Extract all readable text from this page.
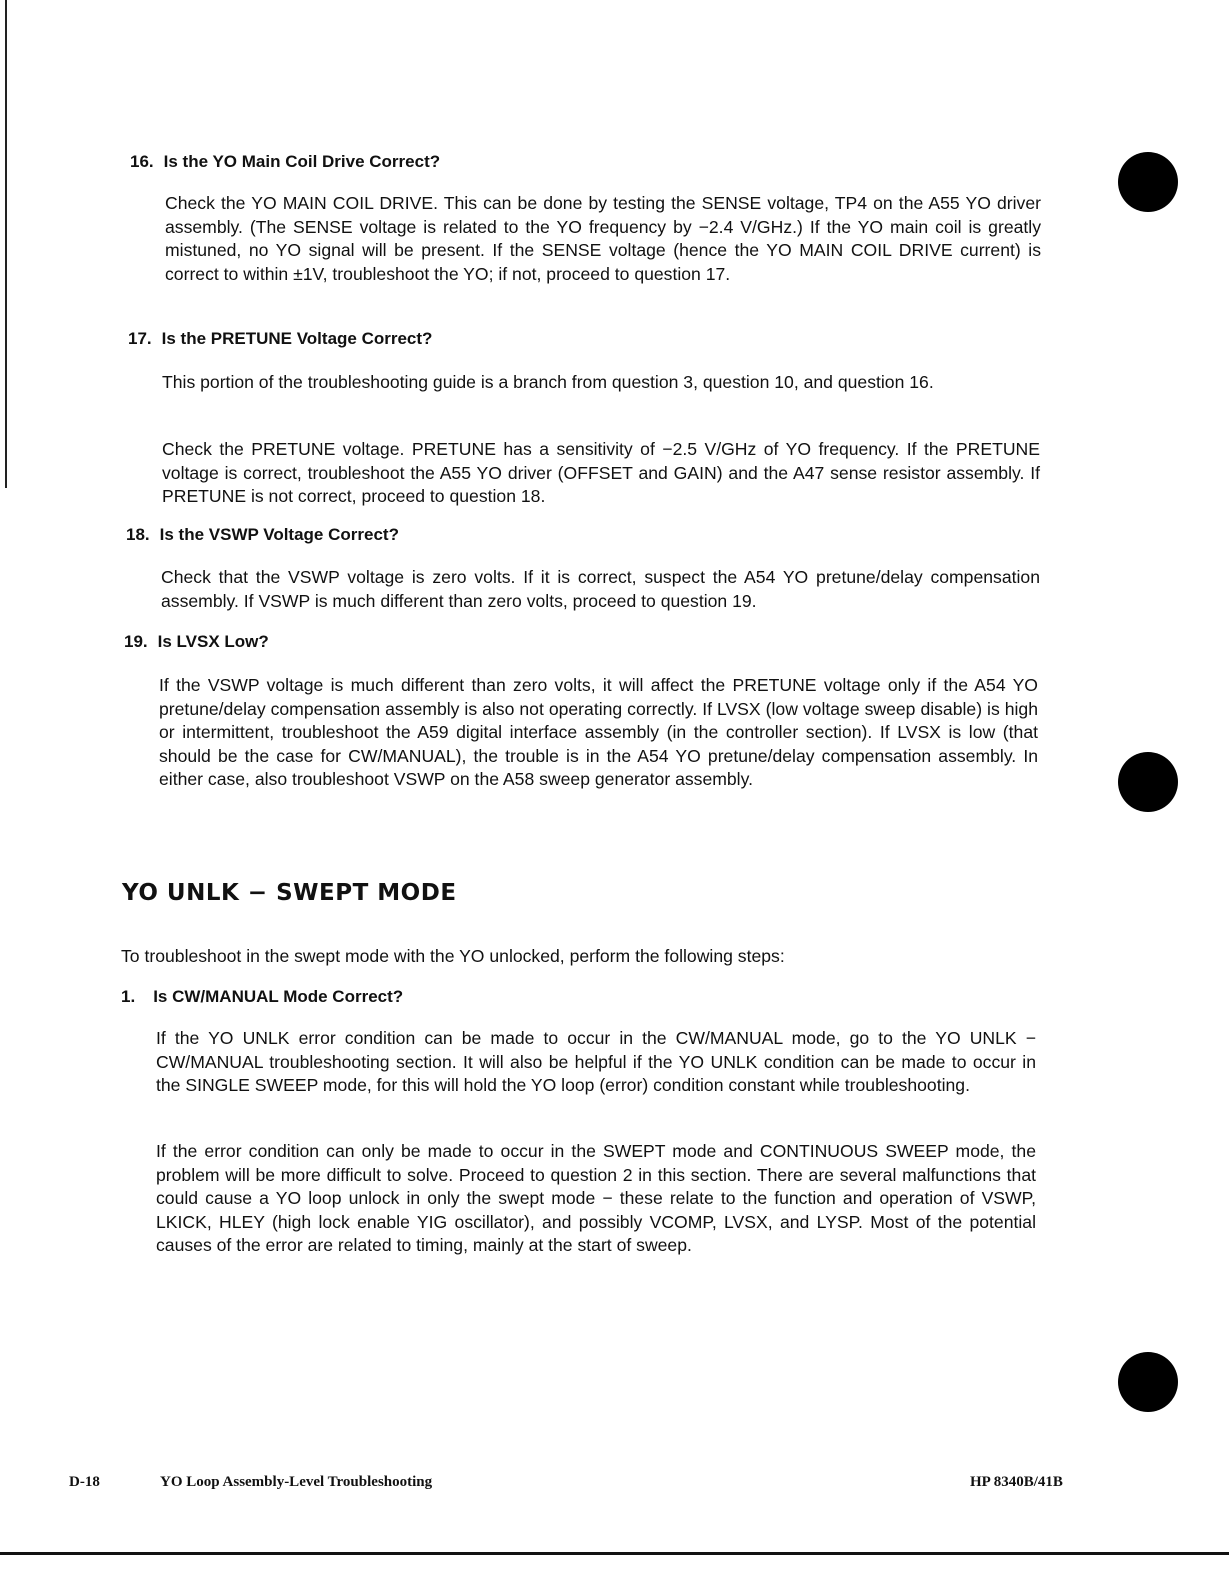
16. Is the YO Main Coil Drive Correct?
Check the YO MAIN COIL DRIVE. This can be done by testing the SENSE voltage, TP4 on the A55 YO driver assembly. (The SENSE voltage is related to the YO frequency by −2.4 V/GHz.) If the YO main coil is greatly mistuned, no YO signal will be present. If the SENSE voltage (hence the YO MAIN COIL DRIVE current) is correct to within ±1V, troubleshoot the YO; if not, proceed to question 17.
17. Is the PRETUNE Voltage Correct?
This portion of the troubleshooting guide is a branch from question 3, question 10, and question 16.
Check the PRETUNE voltage. PRETUNE has a sensitivity of −2.5 V/GHz of YO frequency. If the PRETUNE voltage is correct, troubleshoot the A55 YO driver (OFFSET and GAIN) and the A47 sense resistor assembly. If PRETUNE is not correct, proceed to question 18.
18. Is the VSWP Voltage Correct?
Check that the VSWP voltage is zero volts. If it is correct, suspect the A54 YO pretune/delay compensation assembly. If VSWP is much different than zero volts, proceed to question 19.
19. Is LVSX Low?
If the VSWP voltage is much different than zero volts, it will affect the PRETUNE voltage only if the A54 YO pretune/delay compensation assembly is also not operating correctly. If LVSX (low voltage sweep disable) is high or intermittent, troubleshoot the A59 digital interface assembly (in the controller section). If LVSX is low (that should be the case for CW/MANUAL), the trouble is in the A54 YO pretune/delay compensation assembly. In either case, also troubleshoot VSWP on the A58 sweep generator assembly.
YO UNLK − SWEPT MODE
To troubleshoot in the swept mode with the YO unlocked, perform the following steps:
1. Is CW/MANUAL Mode Correct?
If the YO UNLK error condition can be made to occur in the CW/MANUAL mode, go to the YO UNLK − CW/MANUAL troubleshooting section. It will also be helpful if the YO UNLK condition can be made to occur in the SINGLE SWEEP mode, for this will hold the YO loop (error) condition constant while troubleshooting.
If the error condition can only be made to occur in the SWEPT mode and CONTINUOUS SWEEP mode, the problem will be more difficult to solve. Proceed to question 2 in this section. There are several malfunctions that could cause a YO loop unlock in only the swept mode − these relate to the function and operation of VSWP, LKICK, HLEY (high lock enable YIG oscillator), and possibly VCOMP, LVSX, and LYSP. Most of the potential causes of the error are related to timing, mainly at the start of sweep.
D-18	YO Loop Assembly-Level Troubleshooting	HP 8340B/41B
